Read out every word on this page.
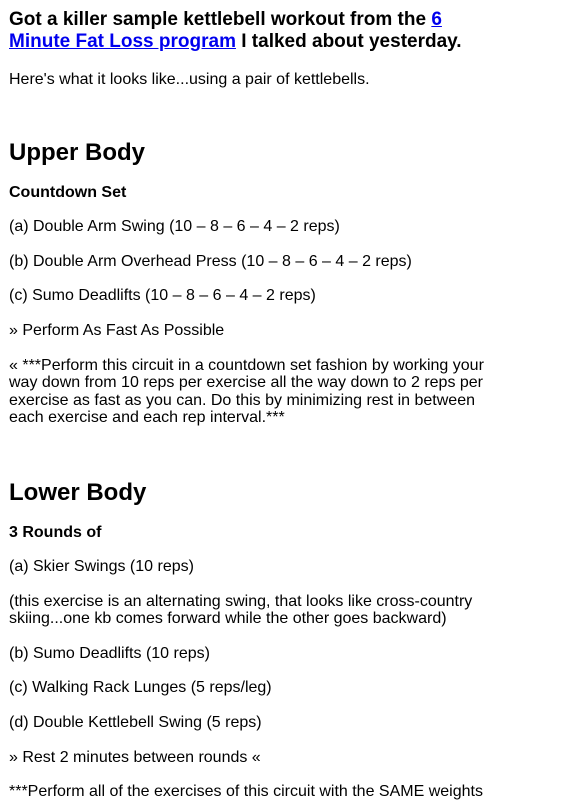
Got a killer sample kettlebell workout from the 6 Minute Fat Loss program I talked about yesterday.

Here's what it looks like...using a pair of kettlebells.

Upper Body

Countdown Set

(a) Double Arm Swing (10 – 8 – 6 – 4 – 2 reps)

(b) Double Arm Overhead Press (10 – 8 – 6 – 4 – 2 reps)

(c) Sumo Deadlifts (10 – 8 – 6 – 4 – 2 reps)

» Perform As Fast As Possible

« ***Perform this circuit in a countdown set fashion by working your way down from 10 reps per exercise all the way down to 2 reps per exercise as fast as you can. Do this by minimizing rest in between each exercise and each rep interval.***

Lower Body

3 Rounds of

(a) Skier Swings (10 reps)

(this exercise is an alternating swing, that looks like cross-country skiing...one kb comes forward while the other goes backward)

(b) Sumo Deadlifts (10 reps)

(c) Walking Rack Lunges (5 reps/leg)

(d) Double Kettlebell Swing (5 reps)

» Rest 2 minutes between rounds «

***Perform all of the exercises of this circuit with the SAME weights
